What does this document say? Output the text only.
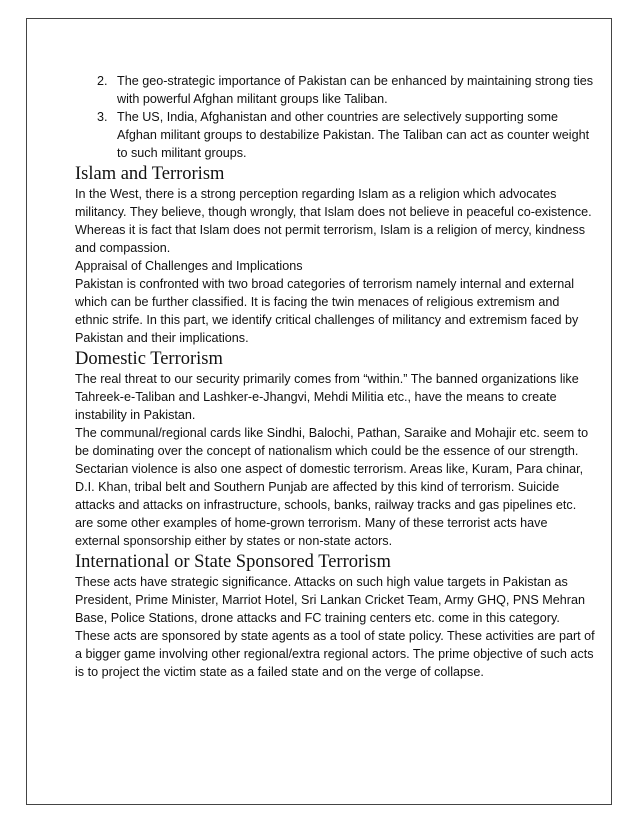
2. The geo-strategic importance of Pakistan can be enhanced by maintaining strong ties with powerful Afghan militant groups like Taliban.
3. The US, India, Afghanistan and other countries are selectively supporting some Afghan militant groups to destabilize Pakistan. The Taliban can act as counter weight to such militant groups.
Islam and Terrorism

In the West, there is a strong perception regarding Islam as a religion which advocates militancy. They believe, though wrongly, that Islam does not believe in peaceful co-existence.

Whereas it is fact that Islam does not permit terrorism, Islam is a religion of mercy, kindness and compassion.

Appraisal of Challenges and Implications

Pakistan is confronted with two broad categories of terrorism namely internal and external which can be further classified. It is facing the twin menaces of religious extremism and ethnic strife. In this part, we identify critical challenges of militancy and extremism faced by Pakistan and their implications.

Domestic Terrorism

The real threat to our security primarily comes from “within.” The banned organizations like Tahreek-e-Taliban and Lashker-e-Jhangvi, Mehdi Militia etc., have the means to create instability in Pakistan.

The communal/regional cards like Sindhi, Balochi, Pathan, Saraike and Mohajir etc. seem to be dominating over the concept of nationalism which could be the essence of our strength. Sectarian violence is also one aspect of domestic terrorism. Areas like, Kuram, Para chinar, D.I. Khan, tribal belt and Southern Punjab are affected by this kind of terrorism. Suicide attacks and attacks on infrastructure, schools, banks, railway tracks and gas pipelines etc. are some other examples of home-grown terrorism. Many of these terrorist acts have external sponsorship either by states or non-state actors.

International or State Sponsored Terrorism

These acts have strategic significance. Attacks on such high value targets in Pakistan as President, Prime Minister, Marriot Hotel, Sri Lankan Cricket Team, Army GHQ, PNS Mehran Base, Police Stations, drone attacks and FC training centers etc. come in this category. These acts are sponsored by state agents as a tool of state policy. These activities are part of a bigger game involving other regional/extra regional actors. The prime objective of such acts is to project the victim state as a failed state and on the verge of collapse.
